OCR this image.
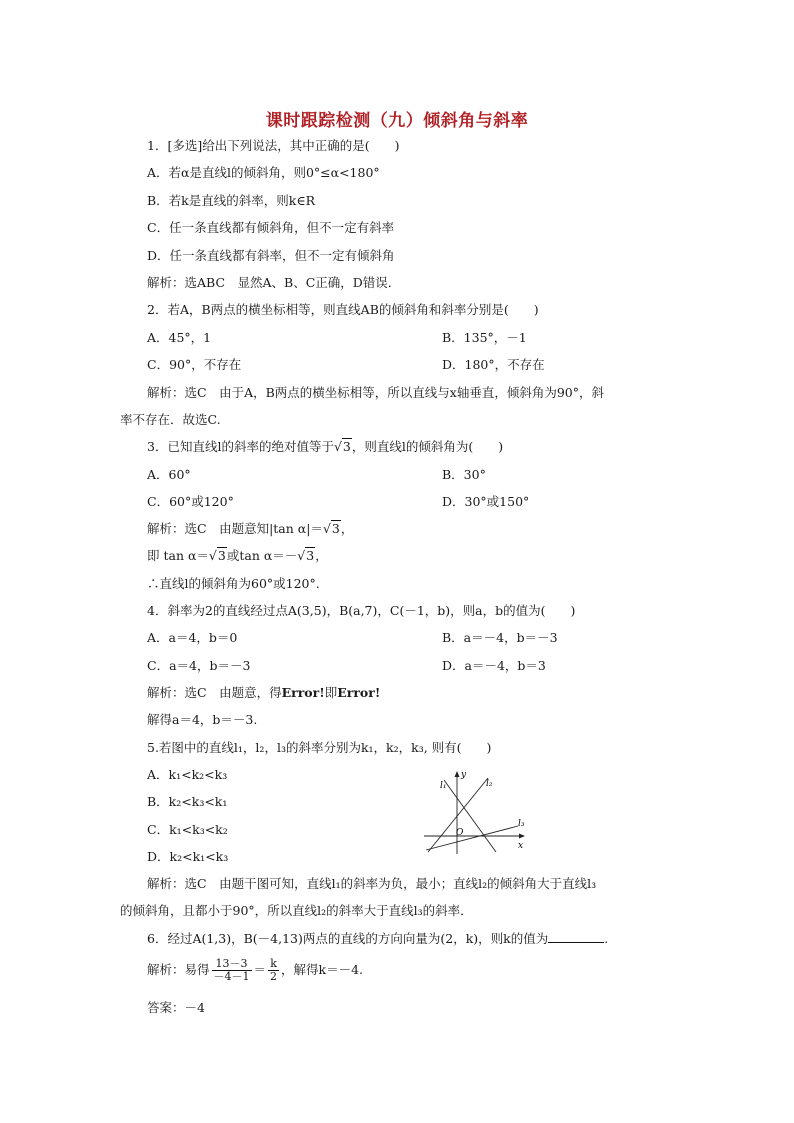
课时跟踪检测（九）倾斜角与斜率
1．[多选]给出下列说法，其中正确的是(　　)
A．若α是直线l的倾斜角，则0°≤α<180°
B．若k是直线的斜率，则k∈R
C．任一条直线都有倾斜角，但不一定有斜率
D．任一条直线都有斜率，但不一定有倾斜角
解析：选ABC　显然A、B、C正确，D错误．
2．若A，B两点的横坐标相等，则直线AB的倾斜角和斜率分别是(　　)
A．45°，1	B．135°，－1
C．90°，不存在	D．180°，不存在
解析：选C　由于A，B两点的横坐标相等，所以直线与x轴垂直，倾斜角为90°，斜
率不存在．故选C.
3．已知直线l的斜率的绝对值等于√3，则直线l的倾斜角为(　　)
A．60°	B．30°
C．60°或120°	D．30°或150°
解析：选C　由题意知|tan α|＝√3，
即 tan α＝√3或tan α＝－√3，
∴直线l的倾斜角为60°或120°.
4．斜率为2的直线经过点A(3,5)，B(a,7)，C(－1，b)，则a，b的值为(　　)
A．a＝4，b＝0	B．a＝－4，b＝－3
C．a＝4，b＝－3	D．a＝－4，b＝3
解析：选C　由题意，得Error!即Error!
解得a＝4，b＝－3.
5.若图中的直线l₁，l₂，l₃的斜率分别为k₁，k₂，k₃, 则有(　　)
A．k₁<k₂<k₃
B．k₂<k₃<k₁
C．k₁<k₃<k₂
D．k₂<k₁<k₃
l₁
y
l₂
l₃
O
x
解析：选C　由题干图可知，直线l₁的斜率为负，最小；直线l₂的倾斜角大于直线l₃
的倾斜角，且都小于90°，所以直线l₂的斜率大于直线l₃的斜率．
6．经过A(1,3)，B(－4,13)两点的直线的方向向量为(2，k)，则k的值为	.
解析：易得 $\frac{13-3}{-4-1} = \frac{k}{2}$ ，解得k＝－4.
答案：－4
